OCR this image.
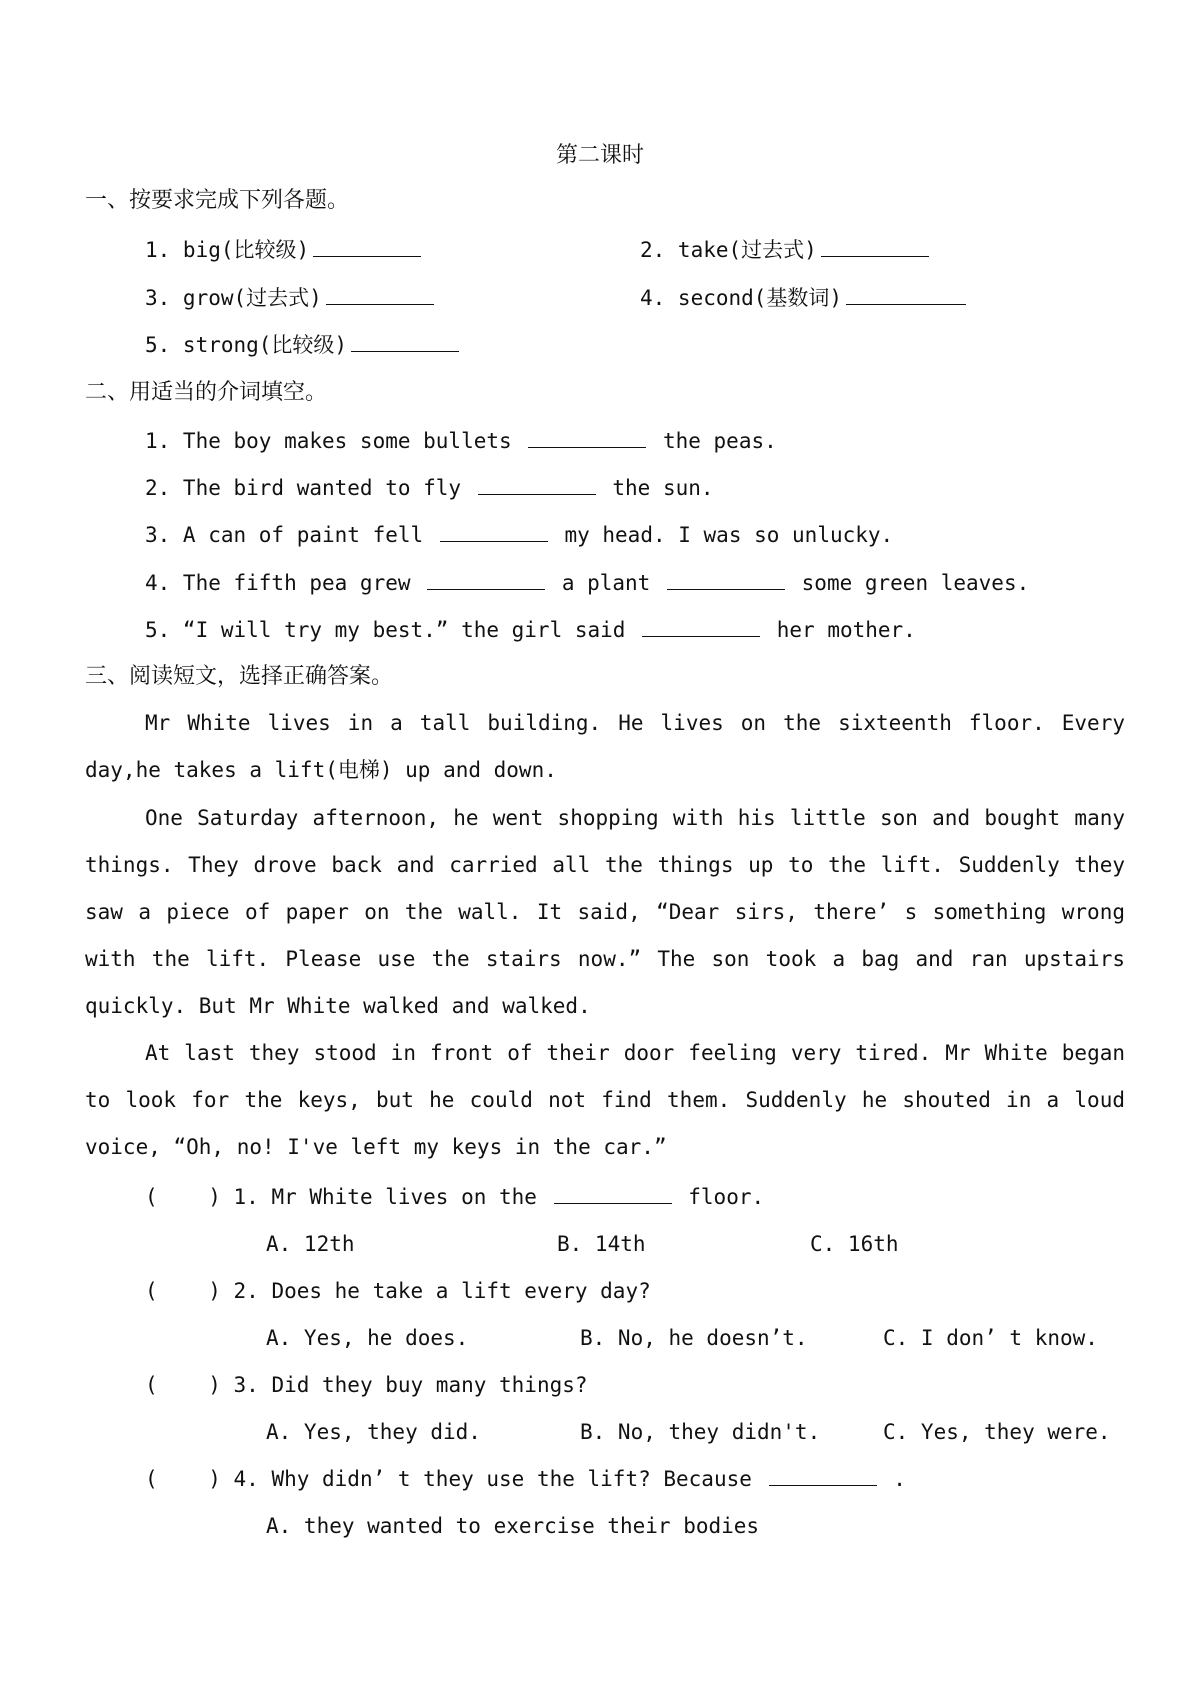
第二课时
一、按要求完成下列各题。
1. big(比较级)	2. take(过去式)
3. grow(过去式)	4. second(基数词)
5. strong(比较级)
二、用适当的介词填空。
1. The boy makes some bullets	the peas.
2. The bird wanted to fly	the sun.
3. A can of paint fell	my head. I was so unlucky.
4. The fifth pea grew	a plant	some green leaves.
5. “I will try my best.” the girl said	her mother.
三、阅读短文，选择正确答案。
Mr White lives in a tall building. He lives on the sixteenth floor. Every day,he takes a lift(电梯) up and down.
One Saturday afternoon, he went shopping with his little son and bought many things. They drove back and carried all the things up to the lift. Suddenly they saw a piece of paper on the wall. It said, “Dear sirs, there’ s something wrong with the lift. Please use the stairs now.” The son took a bag and ran upstairs quickly. But Mr White walked and walked.
At last they stood in front of their door feeling very tired. Mr White began to look for the keys, but he could not find them. Suddenly he shouted in a loud voice, “Oh, no! I've left my keys in the car.”
(    ) 1. Mr White lives on the	floor.
A. 12th	B. 14th	C. 16th
(    ) 2. Does he take a lift every day?
A. Yes, he does.	B. No, he doesn’t.	C. I don’ t know.
(    ) 3. Did they buy many things?
A. Yes, they did.	B. No, they didn't.	C. Yes, they were.
(    ) 4. Why didn’ t they use the lift? Because	.
A. they wanted to exercise their bodies
